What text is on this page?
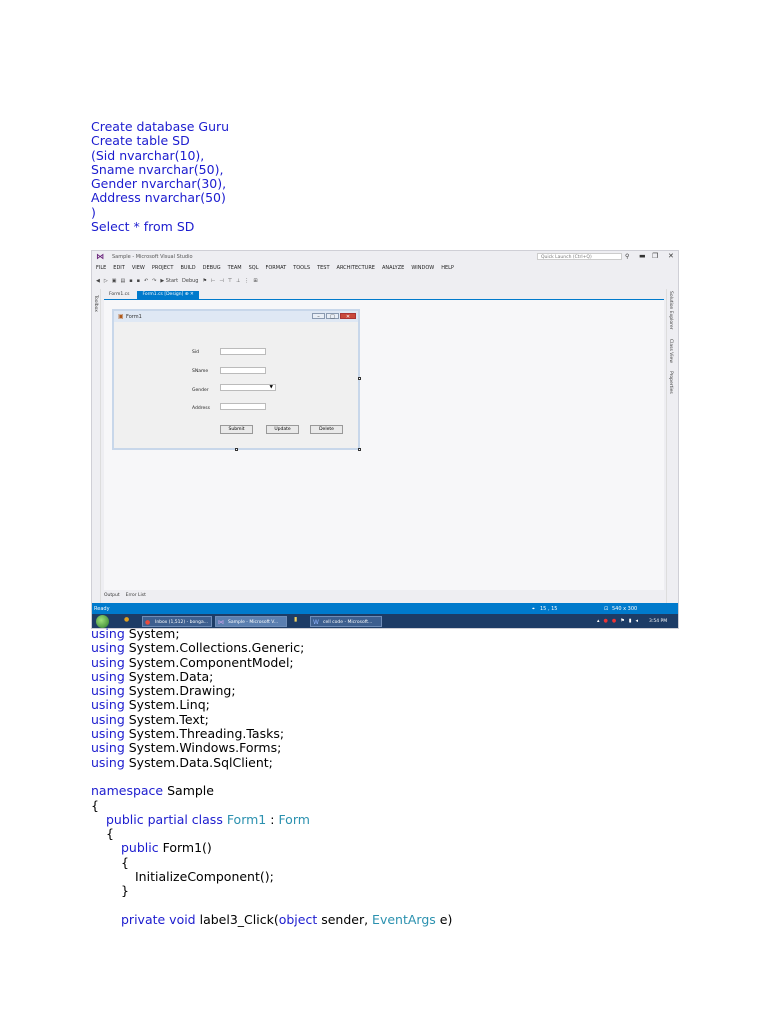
Create database Guru
Create table SD
(Sid nvarchar(10),
Sname nvarchar(50),
Gender nvarchar(30),
Address nvarchar(50)
)
Select * from SD
⋈ Sample - Microsoft Visual Studio	Quick Launch (Ctrl+Q)	⚲ ▬ ❐ ✕
FILE EDIT VIEW PROJECT BUILD DEBUG TEAM SQL FORMAT TOOLS TEST ARCHITECTURE ANALYZE WINDOW HELP
◀ ▷ ▣ ▤ ▪ ▪ ↶ ↷ ▶ Start Debug ⚑ ⊢ ⊣ ⊤ ⊥ ⋮ ⊞
Toolbox
Form1.cs	Form1.cs [Design] ⊕ ✕
▣ Form1	–	□	✕
Sid
SName
Gender
▼
Address
Submit	Update	Delete
Solution Explorer
Class View
Properties
Output Error List
Ready	⌖ 15 , 15	⊡ 540 x 300
●	● Inbox (1,512) - bonga...	⋈ Sample - Microsoft V...	▮	W cell code - Microsoft...	▴ ● ● ⚑ ▮ ◂ 3:54 PM
using System;
using System.Collections.Generic;
using System.ComponentModel;
using System.Data;
using System.Drawing;
using System.Linq;
using System.Text;
using System.Threading.Tasks;
using System.Windows.Forms;
using System.Data.SqlClient;
namespace Sample
{
public partial class Form1 : Form
{
public Form1()
{
InitializeComponent();
}
private void label3_Click(object sender, EventArgs e)
